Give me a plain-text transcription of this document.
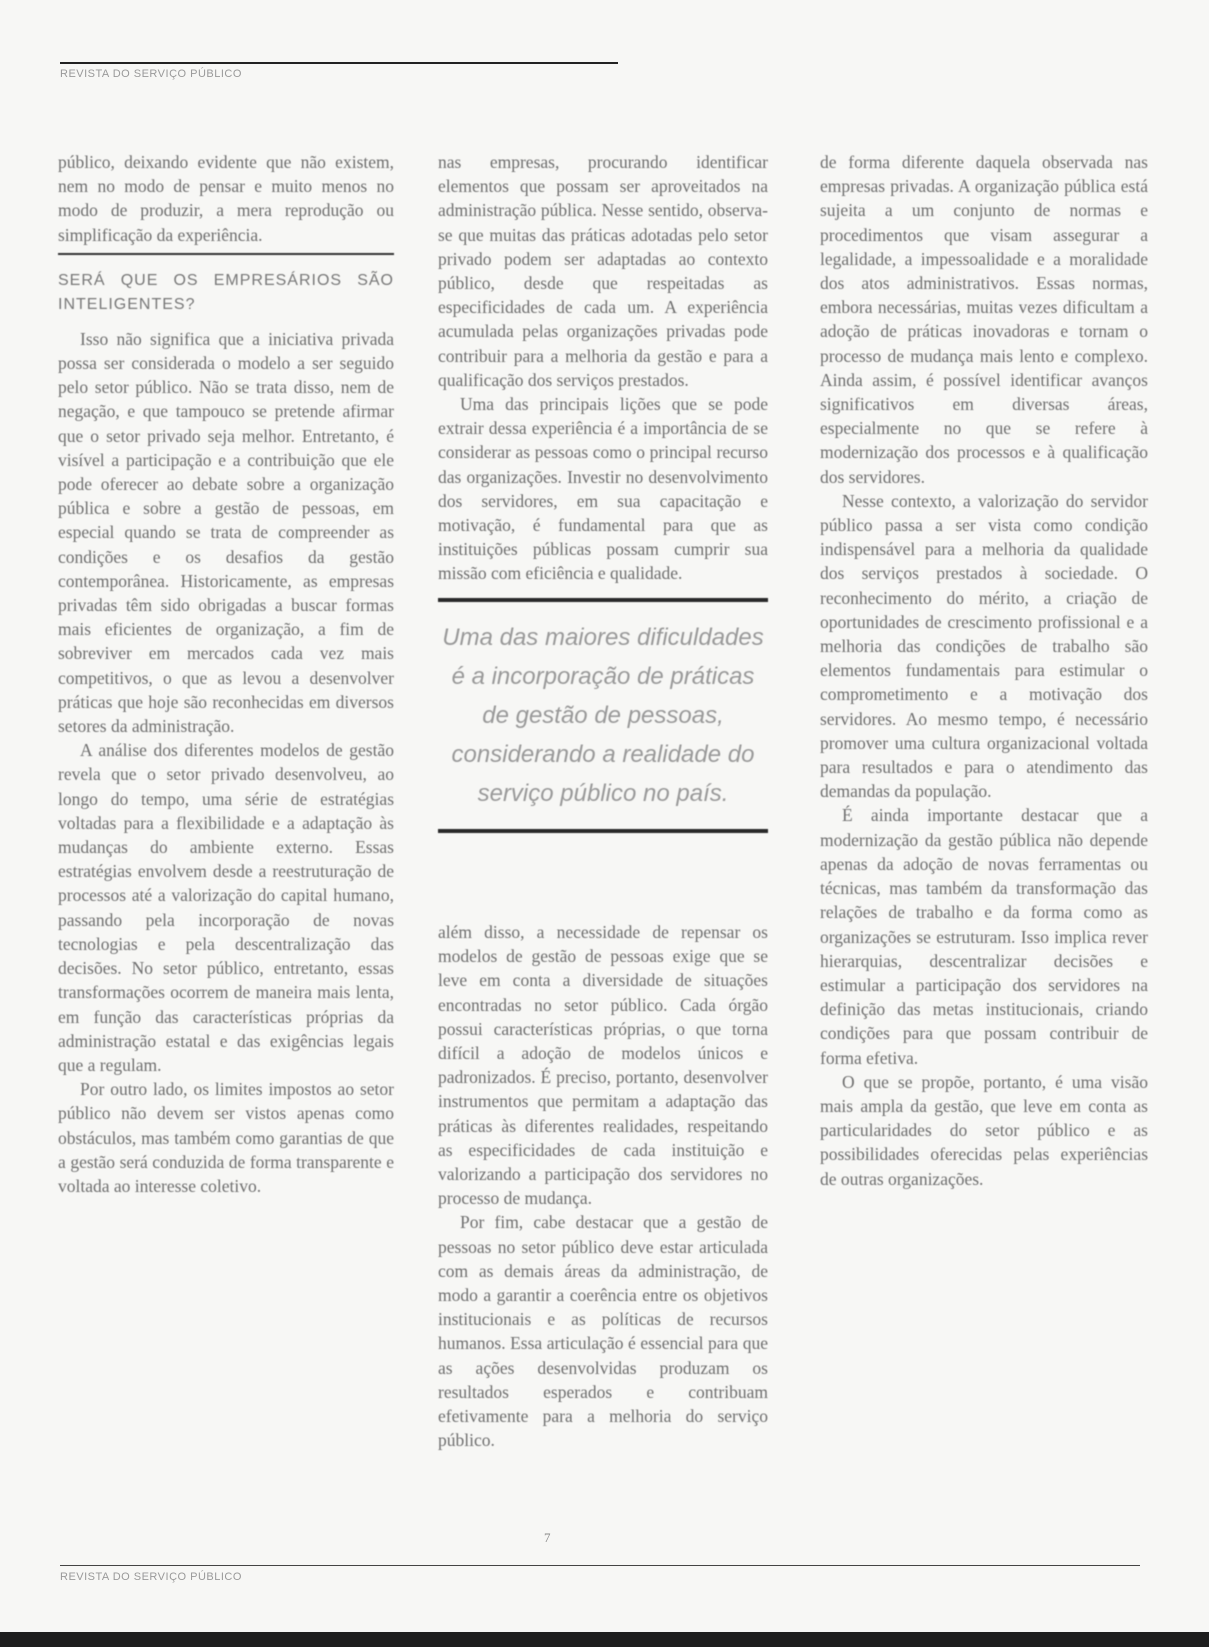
REVISTA DO SERVIÇO PÚBLICO

público, deixando evidente que não existem, nem no modo de pensar e muito menos no modo de produzir, a mera reprodução ou simplificação da experiência.

SERÁ QUE OS EMPRESÁRIOS SÃO INTELIGENTES?

Isso não significa que a iniciativa privada possa ser considerada o modelo a ser seguido pelo setor público. Não se trata disso, nem de negação, e que tampouco se pretende afirmar que o setor privado seja melhor. Entretanto, é visível a participação e a contribuição que ele pode oferecer ao debate sobre a organização pública e sobre a gestão de pessoas, em especial quando se trata de compreender as condições e os desafios da gestão contemporânea. Historicamente, as empresas privadas têm sido obrigadas a buscar formas mais eficientes de organização, a fim de sobreviver em mercados cada vez mais competitivos, o que as levou a desenvolver práticas que hoje são reconhecidas em diversos setores da administração.

A análise dos diferentes modelos de gestão revela que o setor privado desenvolveu, ao longo do tempo, uma série de estratégias voltadas para a flexibilidade e a adaptação às mudanças do ambiente externo. Essas estratégias envolvem desde a reestruturação de processos até a valorização do capital humano, passando pela incorporação de novas tecnologias e pela descentralização das decisões. No setor público, entretanto, essas transformações ocorrem de maneira mais lenta, em função das características próprias da administração estatal e das exigências legais que a regulam.

Por outro lado, os limites impostos ao setor público não devem ser vistos apenas como obstáculos, mas também como garantias de que a gestão será conduzida de forma transparente e voltada ao interesse coletivo.

nas empresas, procurando identificar elementos que possam ser aproveitados na administração pública. Nesse sentido, observa-se que muitas das práticas adotadas pelo setor privado podem ser adaptadas ao contexto público, desde que respeitadas as especificidades de cada um. A experiência acumulada pelas organizações privadas pode contribuir para a melhoria da gestão e para a qualificação dos serviços prestados.

Uma das principais lições que se pode extrair dessa experiência é a importância de se considerar as pessoas como o principal recurso das organizações. Investir no desenvolvimento dos servidores, em sua capacitação e motivação, é fundamental para que as instituições públicas possam cumprir sua missão com eficiência e qualidade.

Uma das maiores dificuldades é a incorporação de práticas de gestão de pessoas, considerando a realidade do serviço público no país.

além disso, a necessidade de repensar os modelos de gestão de pessoas exige que se leve em conta a diversidade de situações encontradas no setor público. Cada órgão possui características próprias, o que torna difícil a adoção de modelos únicos e padronizados. É preciso, portanto, desenvolver instrumentos que permitam a adaptação das práticas às diferentes realidades, respeitando as especificidades de cada instituição e valorizando a participação dos servidores no processo de mudança.

Por fim, cabe destacar que a gestão de pessoas no setor público deve estar articulada com as demais áreas da administração, de modo a garantir a coerência entre os objetivos institucionais e as políticas de recursos humanos. Essa articulação é essencial para que as ações desenvolvidas produzam os resultados esperados e contribuam efetivamente para a melhoria do serviço público.

de forma diferente daquela observada nas empresas privadas. A organização pública está sujeita a um conjunto de normas e procedimentos que visam assegurar a legalidade, a impessoalidade e a moralidade dos atos administrativos. Essas normas, embora necessárias, muitas vezes dificultam a adoção de práticas inovadoras e tornam o processo de mudança mais lento e complexo. Ainda assim, é possível identificar avanços significativos em diversas áreas, especialmente no que se refere à modernização dos processos e à qualificação dos servidores.

Nesse contexto, a valorização do servidor público passa a ser vista como condição indispensável para a melhoria da qualidade dos serviços prestados à sociedade. O reconhecimento do mérito, a criação de oportunidades de crescimento profissional e a melhoria das condições de trabalho são elementos fundamentais para estimular o comprometimento e a motivação dos servidores. Ao mesmo tempo, é necessário promover uma cultura organizacional voltada para resultados e para o atendimento das demandas da população.

É ainda importante destacar que a modernização da gestão pública não depende apenas da adoção de novas ferramentas ou técnicas, mas também da transformação das relações de trabalho e da forma como as organizações se estruturam. Isso implica rever hierarquias, descentralizar decisões e estimular a participação dos servidores na definição das metas institucionais, criando condições para que possam contribuir de forma efetiva.

O que se propõe, portanto, é uma visão mais ampla da gestão, que leve em conta as particularidades do setor público e as possibilidades oferecidas pelas experiências de outras organizações.

7
REVISTA DO SERVIÇO PÚBLICO
